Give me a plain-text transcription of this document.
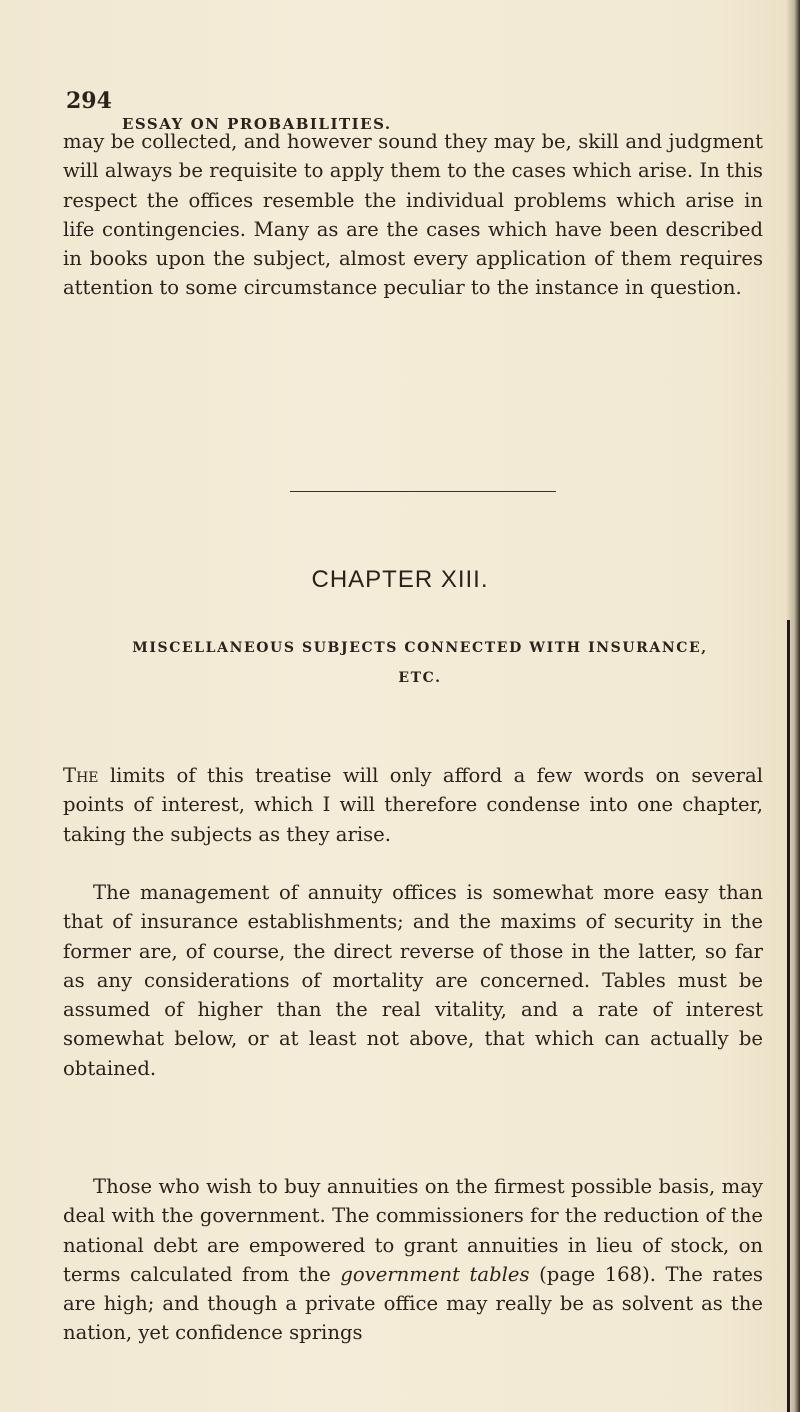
294
ESSAY ON PROBABILITIES.

may be collected, and however sound they may be, skill and judgment will always be requisite to apply them to the cases which arise. In this respect the offices resemble the individual problems which arise in life contingencies. Many as are the cases which have been described in books upon the subject, almost every application of them requires attention to some circumstance peculiar to the instance in question.

CHAPTER XIII.

MISCELLANEOUS SUBJECTS CONNECTED WITH INSURANCE, ETC.

The limits of this treatise will only afford a few words on several points of interest, which I will therefore condense into one chapter, taking the subjects as they arise.

The management of annuity offices is somewhat more easy than that of insurance establishments; and the maxims of security in the former are, of course, the direct reverse of those in the latter, so far as any considerations of mortality are concerned. Tables must be assumed of higher than the real vitality, and a rate of interest somewhat below, or at least not above, that which can actually be obtained.

Those who wish to buy annuities on the firmest possible basis, may deal with the government. The commissioners for the reduction of the national debt are empowered to grant annuities in lieu of stock, on terms calculated from the government tables (page 168). The rates are high; and though a private office may really be as solvent as the nation, yet confidence springs
